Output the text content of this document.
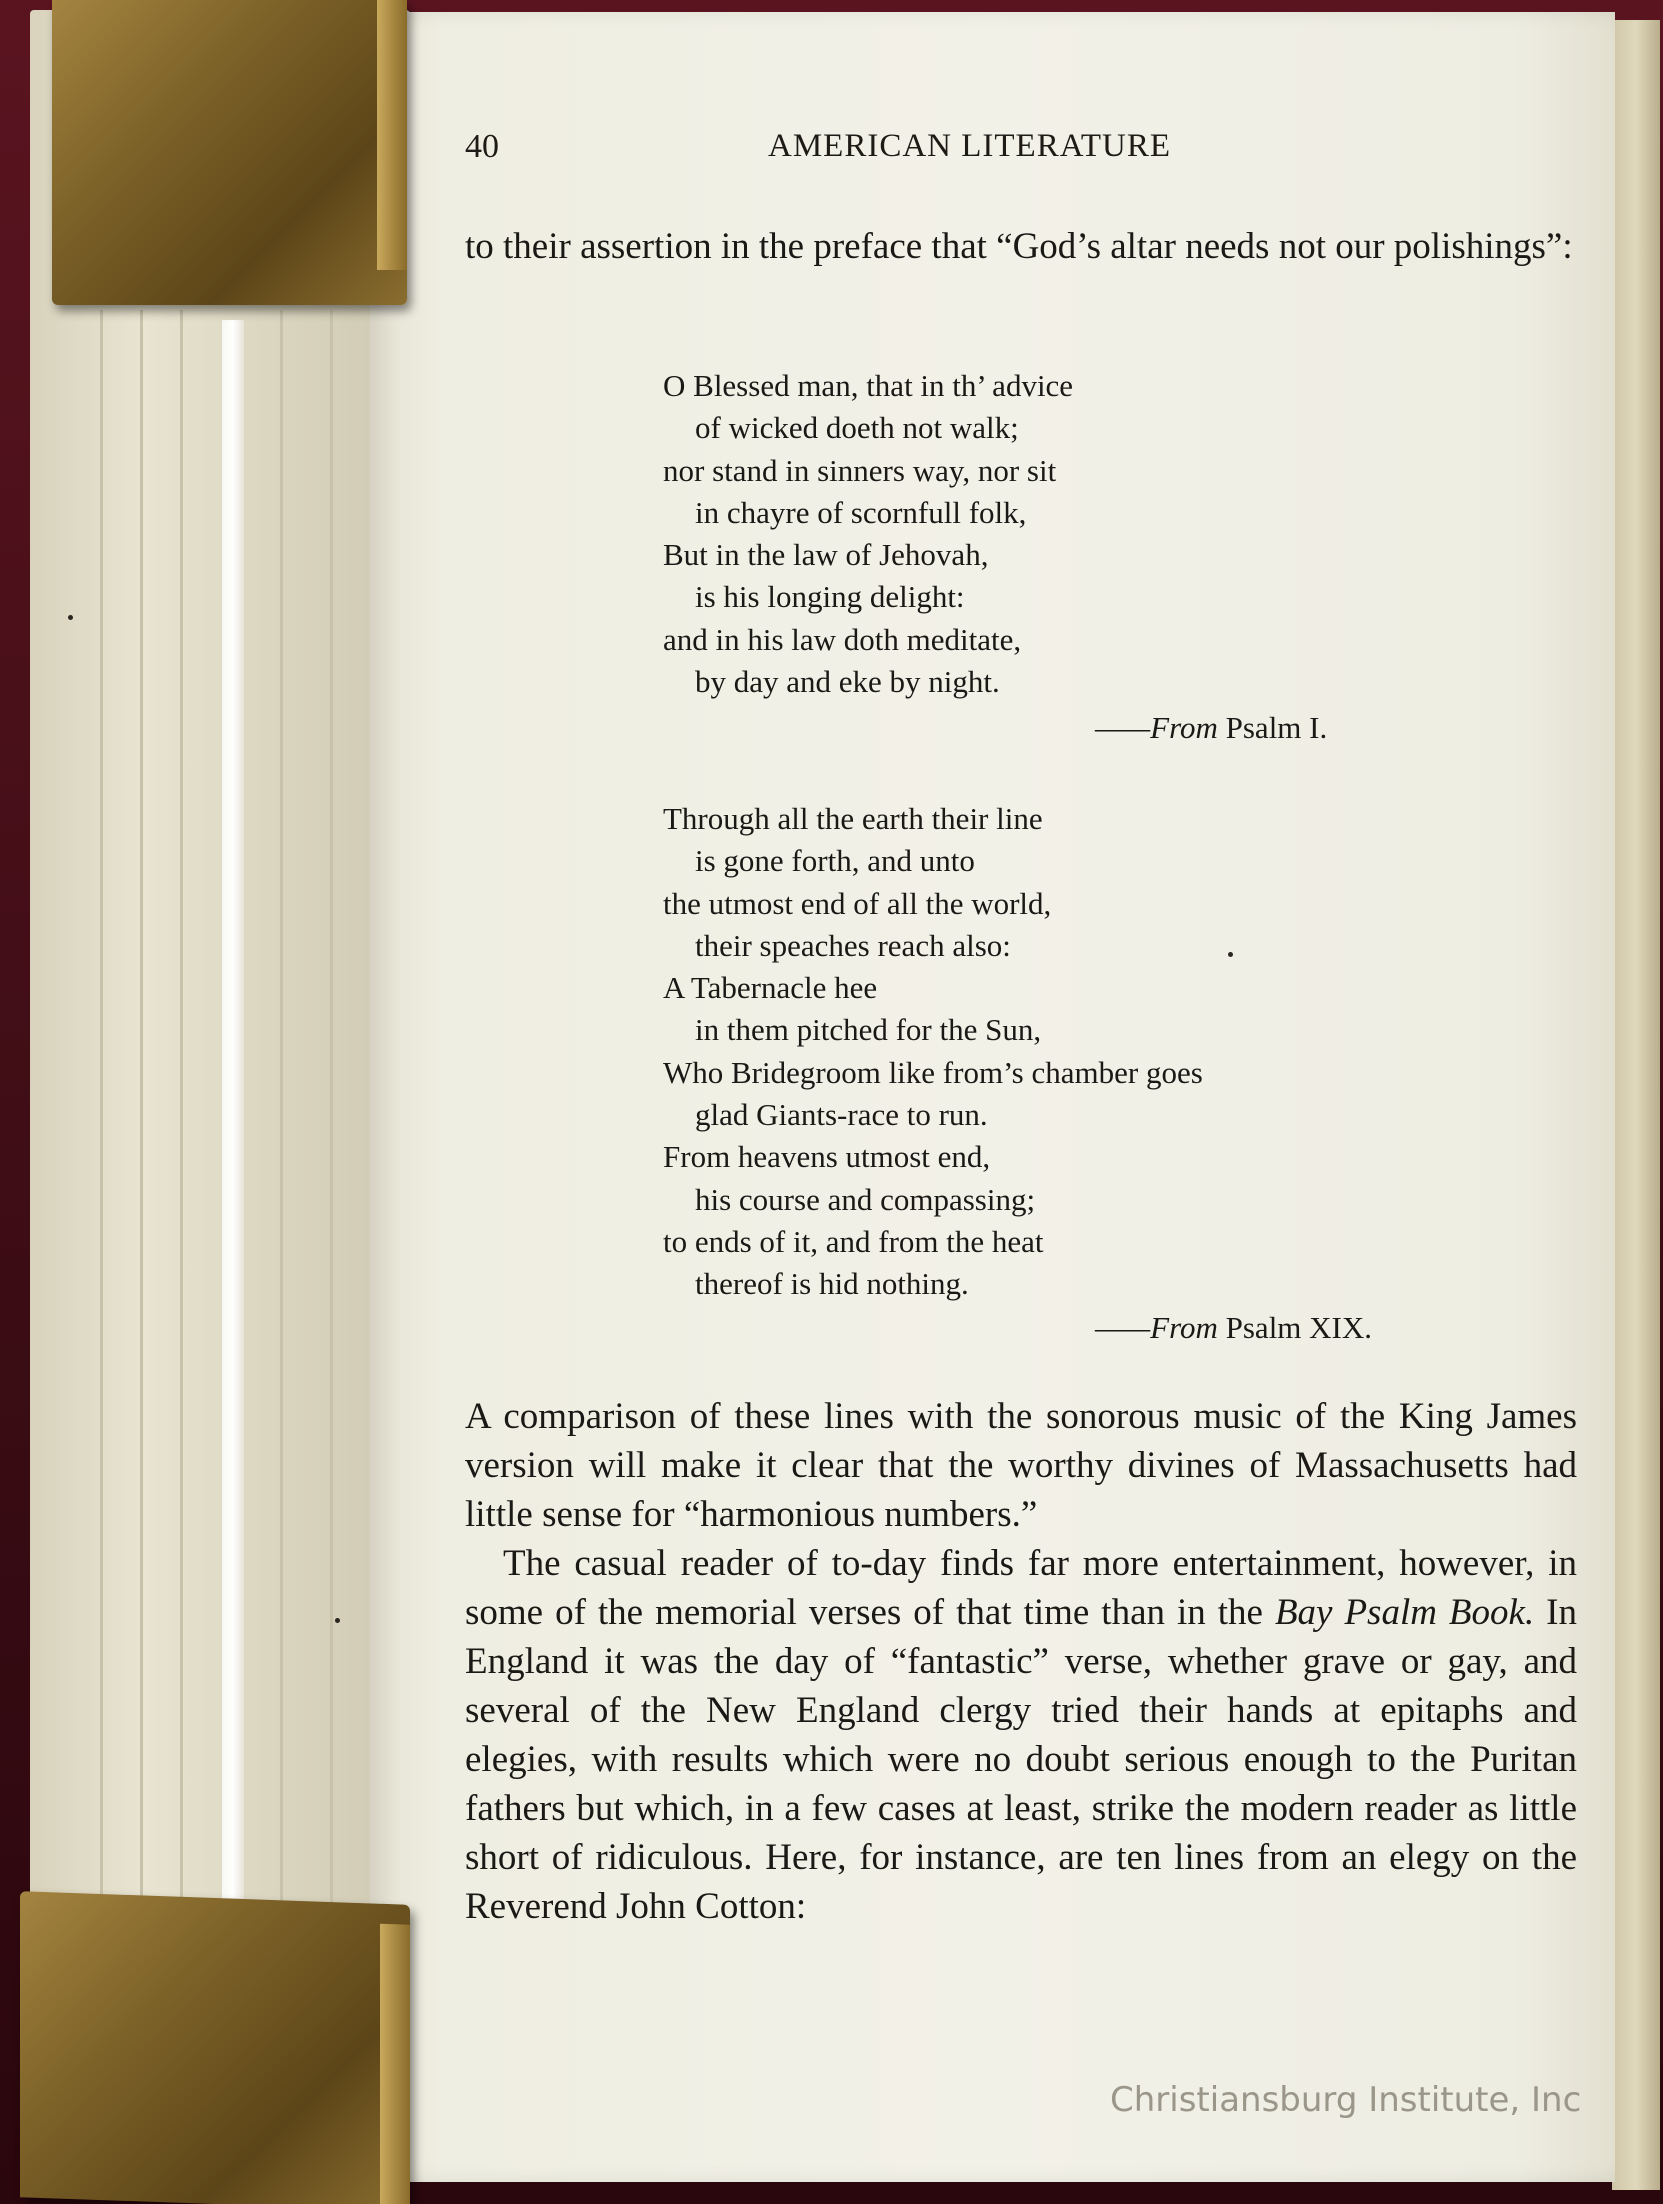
40	AMERICAN LITERATURE

to their assertion in the preface that “God’s altar needs not our polishings”:

O Blessed man, that in th’ advice
of wicked doeth not walk;
nor stand in sinners way, nor sit
in chayre of scornfull folk,
But in the law of Jehovah,
is his longing delight:
and in his law doth meditate,
by day and eke by night.
——From Psalm I.
Through all the earth their line
is gone forth, and unto
the utmost end of all the world,
their speaches reach also:
A Tabernacle hee
in them pitched for the Sun,
Who Bridegroom like from’s chamber goes
glad Giants-race to run.
From heavens utmost end,
his course and compassing;
to ends of it, and from the heat
thereof is hid nothing.
——From Psalm XIX.

A comparison of these lines with the sonorous music of the King James version will make it clear that the worthy divines of Massachusetts had little sense for “harmonious numbers.”

The casual reader of to-day finds far more entertainment, however, in some of the memorial verses of that time than in the Bay Psalm Book. In England it was the day of “fantastic” verse, whether grave or gay, and several of the New England clergy tried their hands at epitaphs and elegies, with results which were no doubt serious enough to the Puritan fathers but which, in a few cases at least, strike the modern reader as little short of ridiculous. Here, for instance, are ten lines from an elegy on the Reverend John Cotton:

Christiansburg Institute, Inc
